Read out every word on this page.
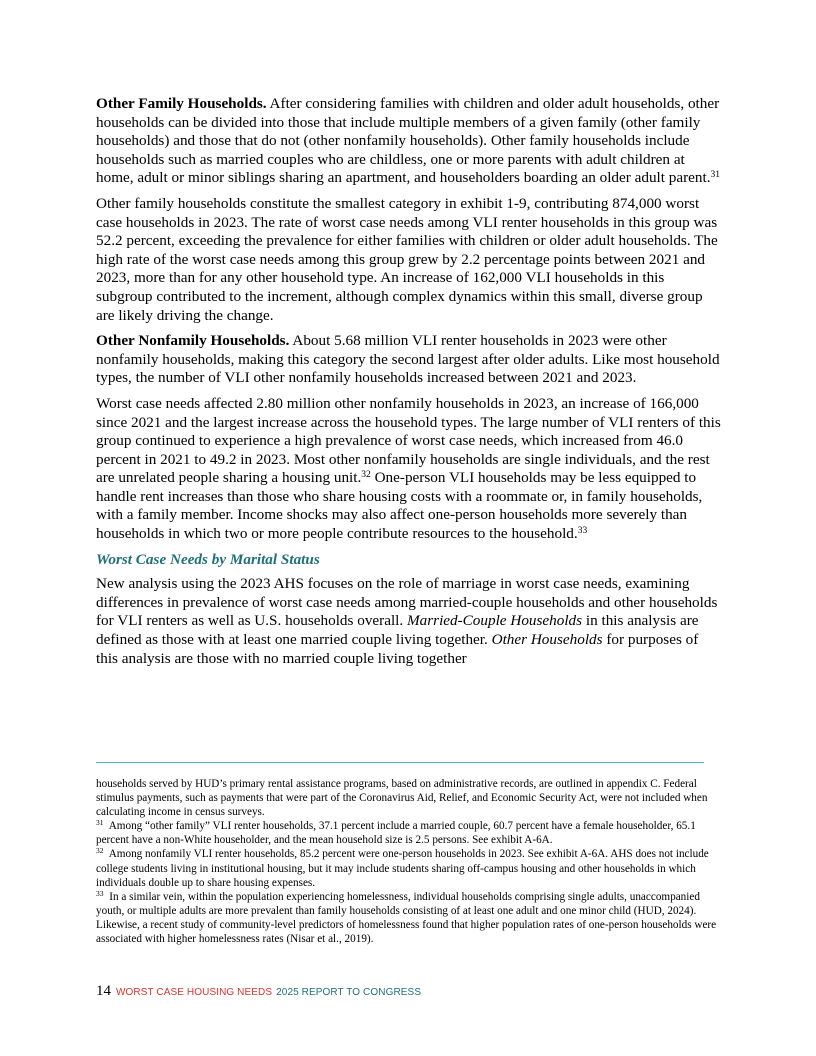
Other Family Households. After considering families with children and older adult households, other households can be divided into those that include multiple members of a given family (other family households) and those that do not (other nonfamily households). Other family households include households such as married couples who are childless, one or more parents with adult children at home, adult or minor siblings sharing an apartment, and householders boarding an older adult parent.$^{31}$

Other family households constitute the smallest category in exhibit 1-9, contributing 874,000 worst case households in 2023. The rate of worst case needs among VLI renter households in this group was 52.2 percent, exceeding the prevalence for either families with children or older adult households. The high rate of the worst case needs among this group grew by 2.2 percentage points between 2021 and 2023, more than for any other household type. An increase of 162,000 VLI households in this subgroup contributed to the increment, although complex dynamics within this small, diverse group are likely driving the change.

Other Nonfamily Households. About 5.68 million VLI renter households in 2023 were other nonfamily households, making this category the second largest after older adults. Like most household types, the number of VLI other nonfamily households increased between 2021 and 2023.

Worst case needs affected 2.80 million other nonfamily households in 2023, an increase of 166,000 since 2021 and the largest increase across the household types. The large number of VLI renters of this group continued to experience a high prevalence of worst case needs, which increased from 46.0 percent in 2021 to 49.2 in 2023. Most other nonfamily households are single individuals, and the rest are unrelated people sharing a housing unit.$^{32}$ One-person VLI households may be less equipped to handle rent increases than those who share housing costs with a roommate or, in family households, with a family member. Income shocks may also affect one-person households more severely than households in which two or more people contribute resources to the household.$^{33}$

Worst Case Needs by Marital Status

New analysis using the 2023 AHS focuses on the role of marriage in worst case needs, examining differences in prevalence of worst case needs among married-couple households and other households for VLI renters as well as U.S. households overall. Married-Couple Households in this analysis are defined as those with at least one married couple living together. Other Households for purposes of this analysis are those with no married couple living together

households served by HUD’s primary rental assistance programs, based on administrative records, are outlined in appendix C. Federal stimulus payments, such as payments that were part of the Coronavirus Aid, Relief, and Economic Security Act, were not included when calculating income in census surveys.

$^{31}$ Among “other family” VLI renter households, 37.1 percent include a married couple, 60.7 percent have a female householder, 65.1 percent have a non-White householder, and the mean household size is 2.5 persons. See exhibit A-6A.

$^{32}$ Among nonfamily VLI renter households, 85.2 percent were one-person households in 2023. See exhibit A-6A. AHS does not include college students living in institutional housing, but it may include students sharing off-campus housing and other households in which individuals double up to share housing expenses.

$^{33}$ In a similar vein, within the population experiencing homelessness, individual households comprising single adults, unaccompanied youth, or multiple adults are more prevalent than family households consisting of at least one adult and one minor child (HUD, 2024). Likewise, a recent study of community-level predictors of homelessness found that higher population rates of one-person households were associated with higher homelessness rates (Nisar et al., 2019).

14 WORST CASE HOUSING NEEDS 2025 REPORT TO CONGRESS
